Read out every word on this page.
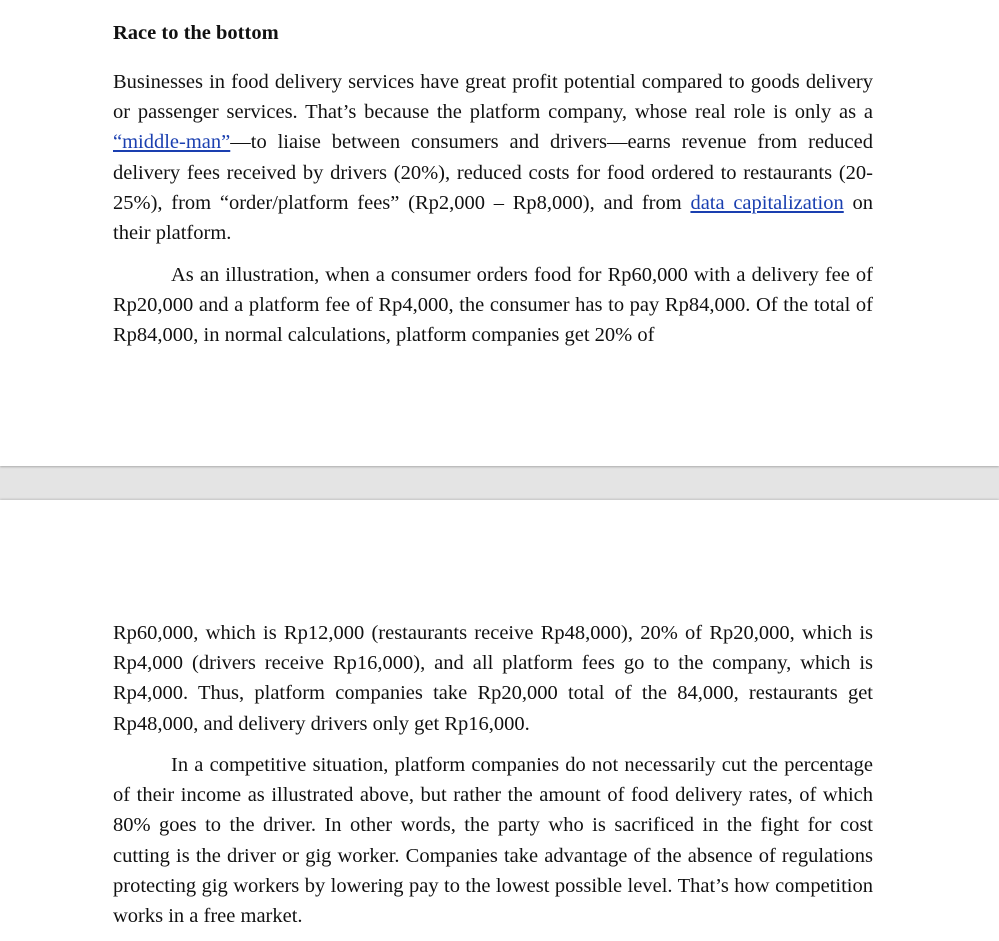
Race to the bottom

Businesses in food delivery services have great profit potential compared to goods delivery or passenger services. That’s because the platform company, whose real role is only as a “middle-man”—to liaise between consumers and drivers—earns revenue from reduced delivery fees received by drivers (20%), reduced costs for food ordered to restaurants (20- 25%), from “order/platform fees” (Rp2,000 – Rp8,000), and from data capitalization on their platform.

As an illustration, when a consumer orders food for Rp60,000 with a delivery fee of Rp20,000 and a platform fee of Rp4,000, the consumer has to pay Rp84,000. Of the total of Rp84,000, in normal calculations, platform companies get 20% of

Rp60,000, which is Rp12,000 (restaurants receive Rp48,000), 20% of Rp20,000, which is Rp4,000 (drivers receive Rp16,000), and all platform fees go to the company, which is Rp4,000. Thus, platform companies take Rp20,000 total of the 84,000, restaurants get Rp48,000, and delivery drivers only get Rp16,000.

In a competitive situation, platform companies do not necessarily cut the percentage of their income as illustrated above, but rather the amount of food delivery rates, of which 80% goes to the driver. In other words, the party who is sacrificed in the fight for cost cutting is the driver or gig worker. Companies take advantage of the absence of regulations protecting gig workers by lowering pay to the lowest possible level. That’s how competition works in a free market.
